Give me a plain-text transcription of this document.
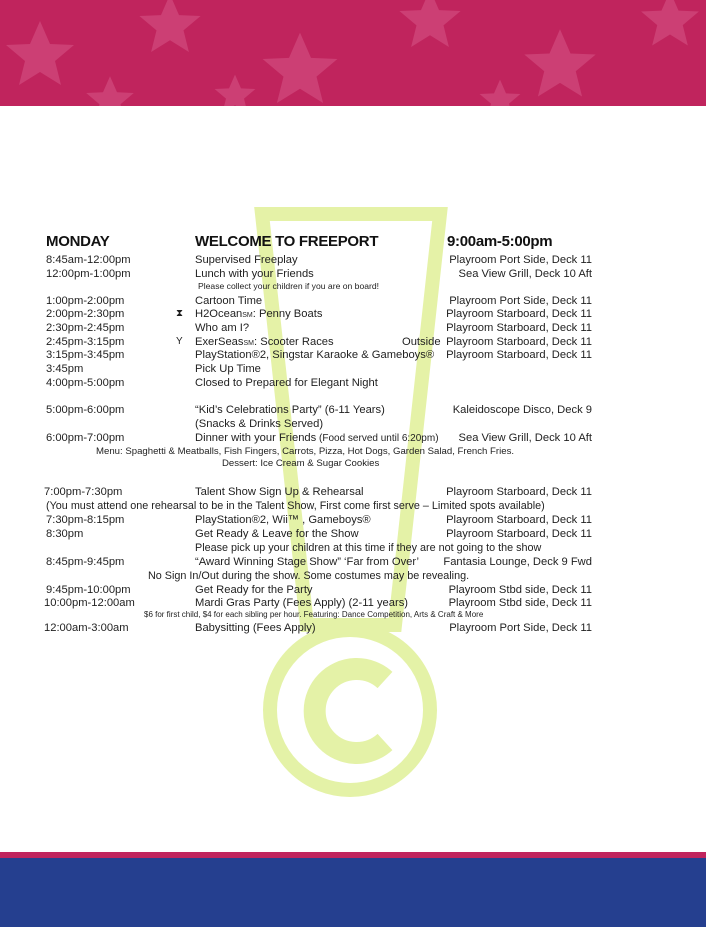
MONDAY	WELCOME TO FREEPORT	9:00am-5:00pm
8:45am-12:00pm	Supervised Freeplay	Playroom Port Side, Deck 11
12:00pm-1:00pm	Lunch with your Friends	Sea View Grill, Deck 10 Aft
Please collect your children if you are on board!
1:00pm-2:00pm	Cartoon Time	Playroom Port Side, Deck 11
2:00pm-2:30pm	⧗ H2OceanSM: Penny Boats	Playroom Starboard, Deck 11
2:30pm-2:45pm	Who am I?	Playroom Starboard, Deck 11
2:45pm-3:15pm	Y ExerSeasSM: Scooter Races	Outside Playroom Starboard, Deck 11
3:15pm-3:45pm	PlayStation®2, Singstar Karaoke & Gameboys® Playroom Starboard, Deck 11
3:45pm	Pick Up Time
4:00pm-5:00pm	Closed to Prepared for Elegant Night
5:00pm-6:00pm	“Kid’s Celebrations Party” (6-11 Years)	Kaleidoscope Disco, Deck 9
(Snacks & Drinks Served)
6:00pm-7:00pm	Dinner with your Friends (Food served until 6:20pm) Sea View Grill, Deck 10 Aft
Menu: Spaghetti & Meatballs, Fish Fingers, Carrots, Pizza, Hot Dogs, Garden Salad, French Fries.
Dessert: Ice Cream & Sugar Cookies
7:00pm-7:30pm	Talent Show Sign Up & Rehearsal	Playroom Starboard, Deck 11
(You must attend one rehearsal to be in the Talent Show, First come first serve – Limited spots available)
7:30pm-8:15pm	PlayStation®2, Wii™ , Gameboys®	Playroom Starboard, Deck 11
8:30pm	Get Ready & Leave for the Show	Playroom Starboard, Deck 11
Please pick up your children at this time if they are not going to the show
8:45pm-9:45pm	“Award Winning Stage Show” ‘Far from Over’ Fantasia Lounge, Deck 9 Fwd
No Sign In/Out during the show. Some costumes may be revealing.
9:45pm-10:00pm	Get Ready for the Party	Playroom Stbd side, Deck 11
10:00pm-12:00am	Mardi Gras Party (Fees Apply) (2-11 years)	Playroom Stbd side, Deck 11
$6 for first child, $4 for each sibling per hour. Featuring: Dance Competition, Arts & Craft & More
12:00am-3:00am	Babysitting (Fees Apply)	Playroom Port Side, Deck 11
